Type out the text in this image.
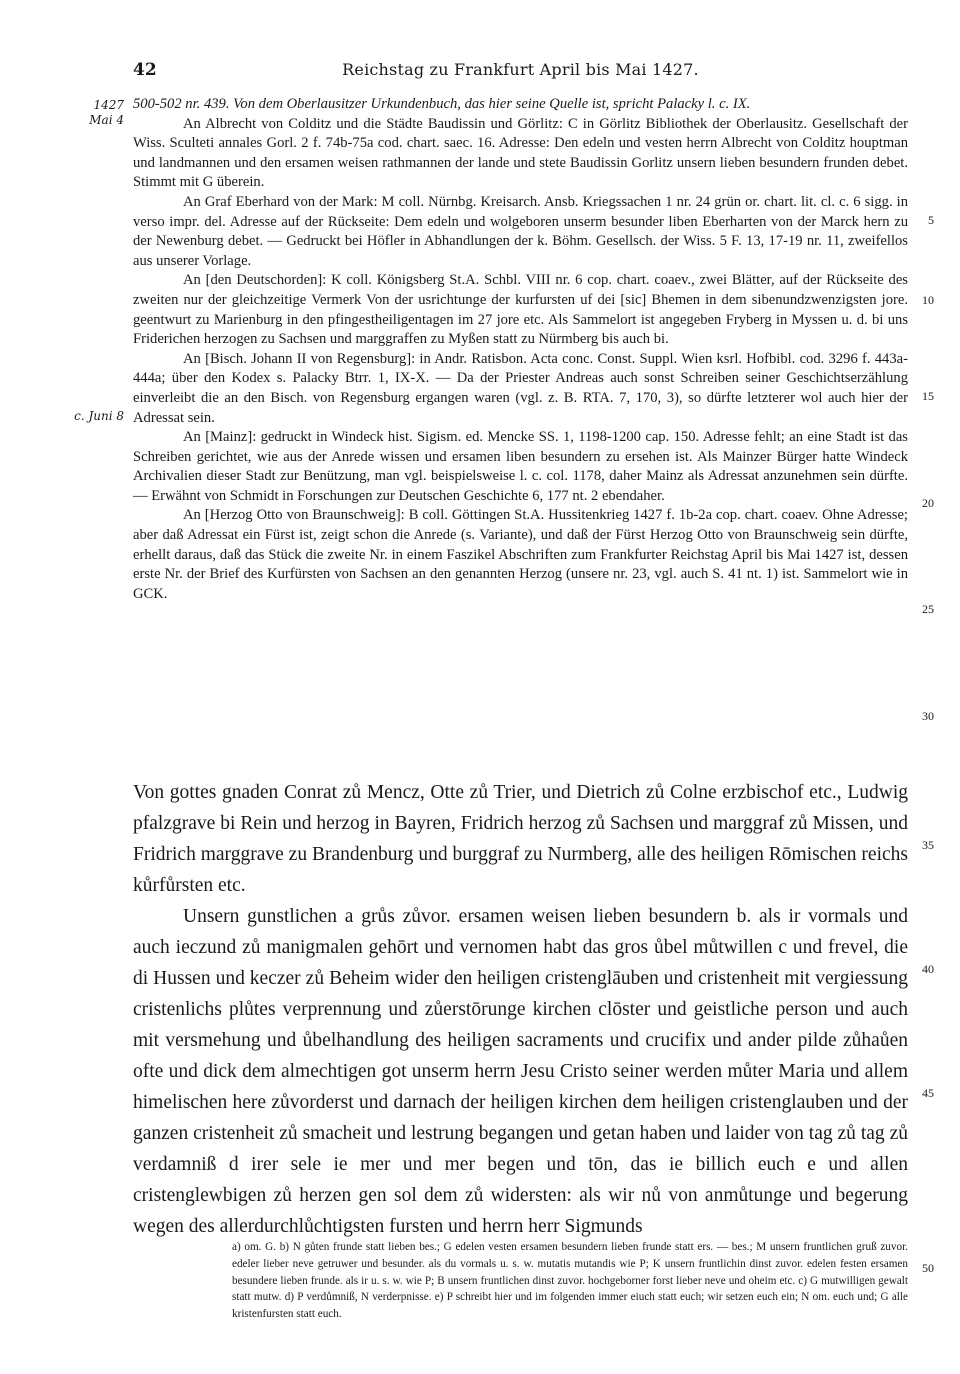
42	Reichstag zu Frankfurt April bis Mai 1427.
1427
Mai 4
c. Juni 8
5
10
15
20
25
30
35
40
45
50

500-502 nr. 439. Von dem Oberlausitzer Urkundenbuch, das hier seine Quelle ist, spricht Palacky l. c. IX.

An Albrecht von Colditz und die Städte Baudissin und Görlitz: C in Görlitz Bibliothek der Oberlausitz. Gesellschaft der Wiss. Sculteti annales Gorl. 2 f. 74b-75a cod. chart. saec. 16. Adresse: Den edeln und vesten herrn Albrecht von Colditz houptman und landmannen und den ersamen weisen rathmannen der lande und stete Baudissin Gorlitz unsern lieben besundern frunden debet. Stimmt mit G überein.

An Graf Eberhard von der Mark: M coll. Nürnbg. Kreisarch. Ansb. Kriegssachen 1 nr. 24 grün or. chart. lit. cl. c. 6 sigg. in verso impr. del. Adresse auf der Rückseite: Dem edeln und wolgeboren unserm besunder liben Eberharten von der Marck hern zu der Newenburg debet. — Gedruckt bei Höfler in Abhandlungen der k. Böhm. Gesellsch. der Wiss. 5 F. 13, 17-19 nr. 11, zweifellos aus unserer Vorlage.

An [den Deutschorden]: K coll. Königsberg St.A. Schbl. VIII nr. 6 cop. chart. coaev., zwei Blätter, auf der Rückseite des zweiten nur der gleichzeitige Vermerk Von der usrichtunge der kurfursten uf dei [sic] Bhemen in dem sibenundzwenzigsten jore. geentwurt zu Marienburg in den pfingestheiligentagen im 27 jore etc. Als Sammelort ist angegeben Fryberg in Myssen u. d. bi uns Friderichen herzogen zu Sachsen und marggraffen zu Myßen statt zu Nürmberg bis auch bi.

An [Bisch. Johann II von Regensburg]: in Andr. Ratisbon. Acta conc. Const. Suppl. Wien ksrl. Hofbibl. cod. 3296 f. 443a-444a; über den Kodex s. Palacky Btrr. 1, IX-X. — Da der Priester Andreas auch sonst Schreiben seiner Geschichtserzählung einverleibt die an den Bisch. von Regensburg ergangen waren (vgl. z. B. RTA. 7, 170, 3), so dürfte letzterer wol auch hier der Adressat sein.

An [Mainz]: gedruckt in Windeck hist. Sigism. ed. Mencke SS. 1, 1198-1200 cap. 150. Adresse fehlt; an eine Stadt ist das Schreiben gerichtet, wie aus der Anrede wissen und ersamen liben besundern zu ersehen ist. Als Mainzer Bürger hatte Windeck Archivalien dieser Stadt zur Benützung, man vgl. beispielsweise l. c. col. 1178, daher Mainz als Adressat anzunehmen sein dürfte. — Erwähnt von Schmidt in Forschungen zur Deutschen Geschichte 6, 177 nt. 2 ebendaher.

An [Herzog Otto von Braunschweig]: B coll. Göttingen St.A. Hussitenkrieg 1427 f. 1b-2a cop. chart. coaev. Ohne Adresse; aber daß Adressat ein Fürst ist, zeigt schon die Anrede (s. Variante), und daß der Fürst Herzog Otto von Braunschweig sein dürfte, erhellt daraus, daß das Stück die zweite Nr. in einem Faszikel Abschriften zum Frankfurter Reichstag April bis Mai 1427 ist, dessen erste Nr. der Brief des Kurfürsten von Sachsen an den genannten Herzog (unsere nr. 23, vgl. auch S. 41 nt. 1) ist. Sammelort wie in GCK.

Von gottes gnaden Conrat zů Mencz, Otte zů Trier, und Dietrich zů Colne erzbischof etc., Ludwig pfalzgrave bi Rein und herzog in Bayren, Fridrich herzog zů Sachsen und marggraf zů Missen, und Fridrich marggrave zu Brandenburg und burggraf zu Nurmberg, alle des heiligen Rōmischen reichs kůrfůrsten etc.

Unsern gunstlichen a grůs zůvor. ersamen weisen lieben besundern b. als ir vormals und auch ieczund zů manigmalen gehōrt und vernomen habt das gros ůbel můtwillen c und frevel, die di Hussen und keczer zů Beheim wider den heiligen cristenglāuben und cristenheit mit vergiessung cristenlichs plůtes verprennung und zůerstōrunge kirchen clōster und geistliche person und auch mit versmehung und ůbelhandlung des heiligen sacraments und crucifix und ander pilde zůhaůen ofte und dick dem almechtigen got unserm herrn Jesu Cristo seiner werden můter Maria und allem himelischen here zůvorderst und darnach der heiligen kirchen dem heiligen cristenglauben und der ganzen cristenheit zů smacheit und lestrung begangen und getan haben und laider von tag zů tag zů verdamniß d irer sele ie mer und mer begen und tōn, das ie billich euch e und allen cristenglewbigen zů herzen gen sol dem zů widersten: als wir nů von anmůtunge und begerung wegen des allerdurchlůchtigsten fursten und herrn herr Sigmunds

a) om. G. b) N gůten frunde statt lieben bes.; G edelen vesten ersamen besundern lieben frunde statt ers. — bes.; M unsern fruntlichen gruß zuvor. edeler lieber neve getruwer und besunder. als du vormals u. s. w. mutatis mutandis wie P; K unsern fruntlichin dinst zuvor. edelen festen ersamen besundere lieben frunde. als ir u. s. w. wie P; B unsern fruntlichen dinst zuvor. hochgeborner forst lieber neve und oheim etc. c) G mutwilligen gewalt statt mutw. d) P verdůmniß, N verderpnisse. e) P schreibt hier und im folgenden immer eiuch statt euch; wir setzen euch ein; N om. euch und; G alle kristenfursten statt euch.
